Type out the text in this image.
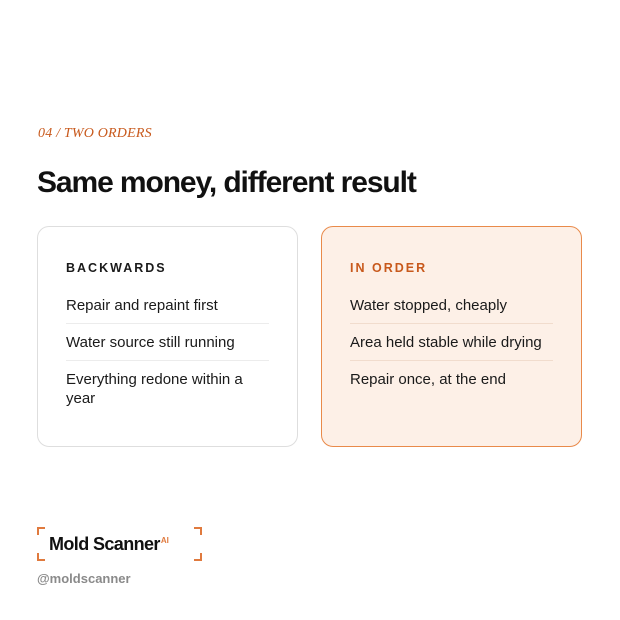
04 / TWO ORDERS
Same money, different result
BACKWARDS
Repair and repaint first
Water source still running
Everything redone within a year
IN ORDER
Water stopped, cheaply
Area held stable while drying
Repair once, at the end
Mold Scanner$^{AI}$
@moldscanner
